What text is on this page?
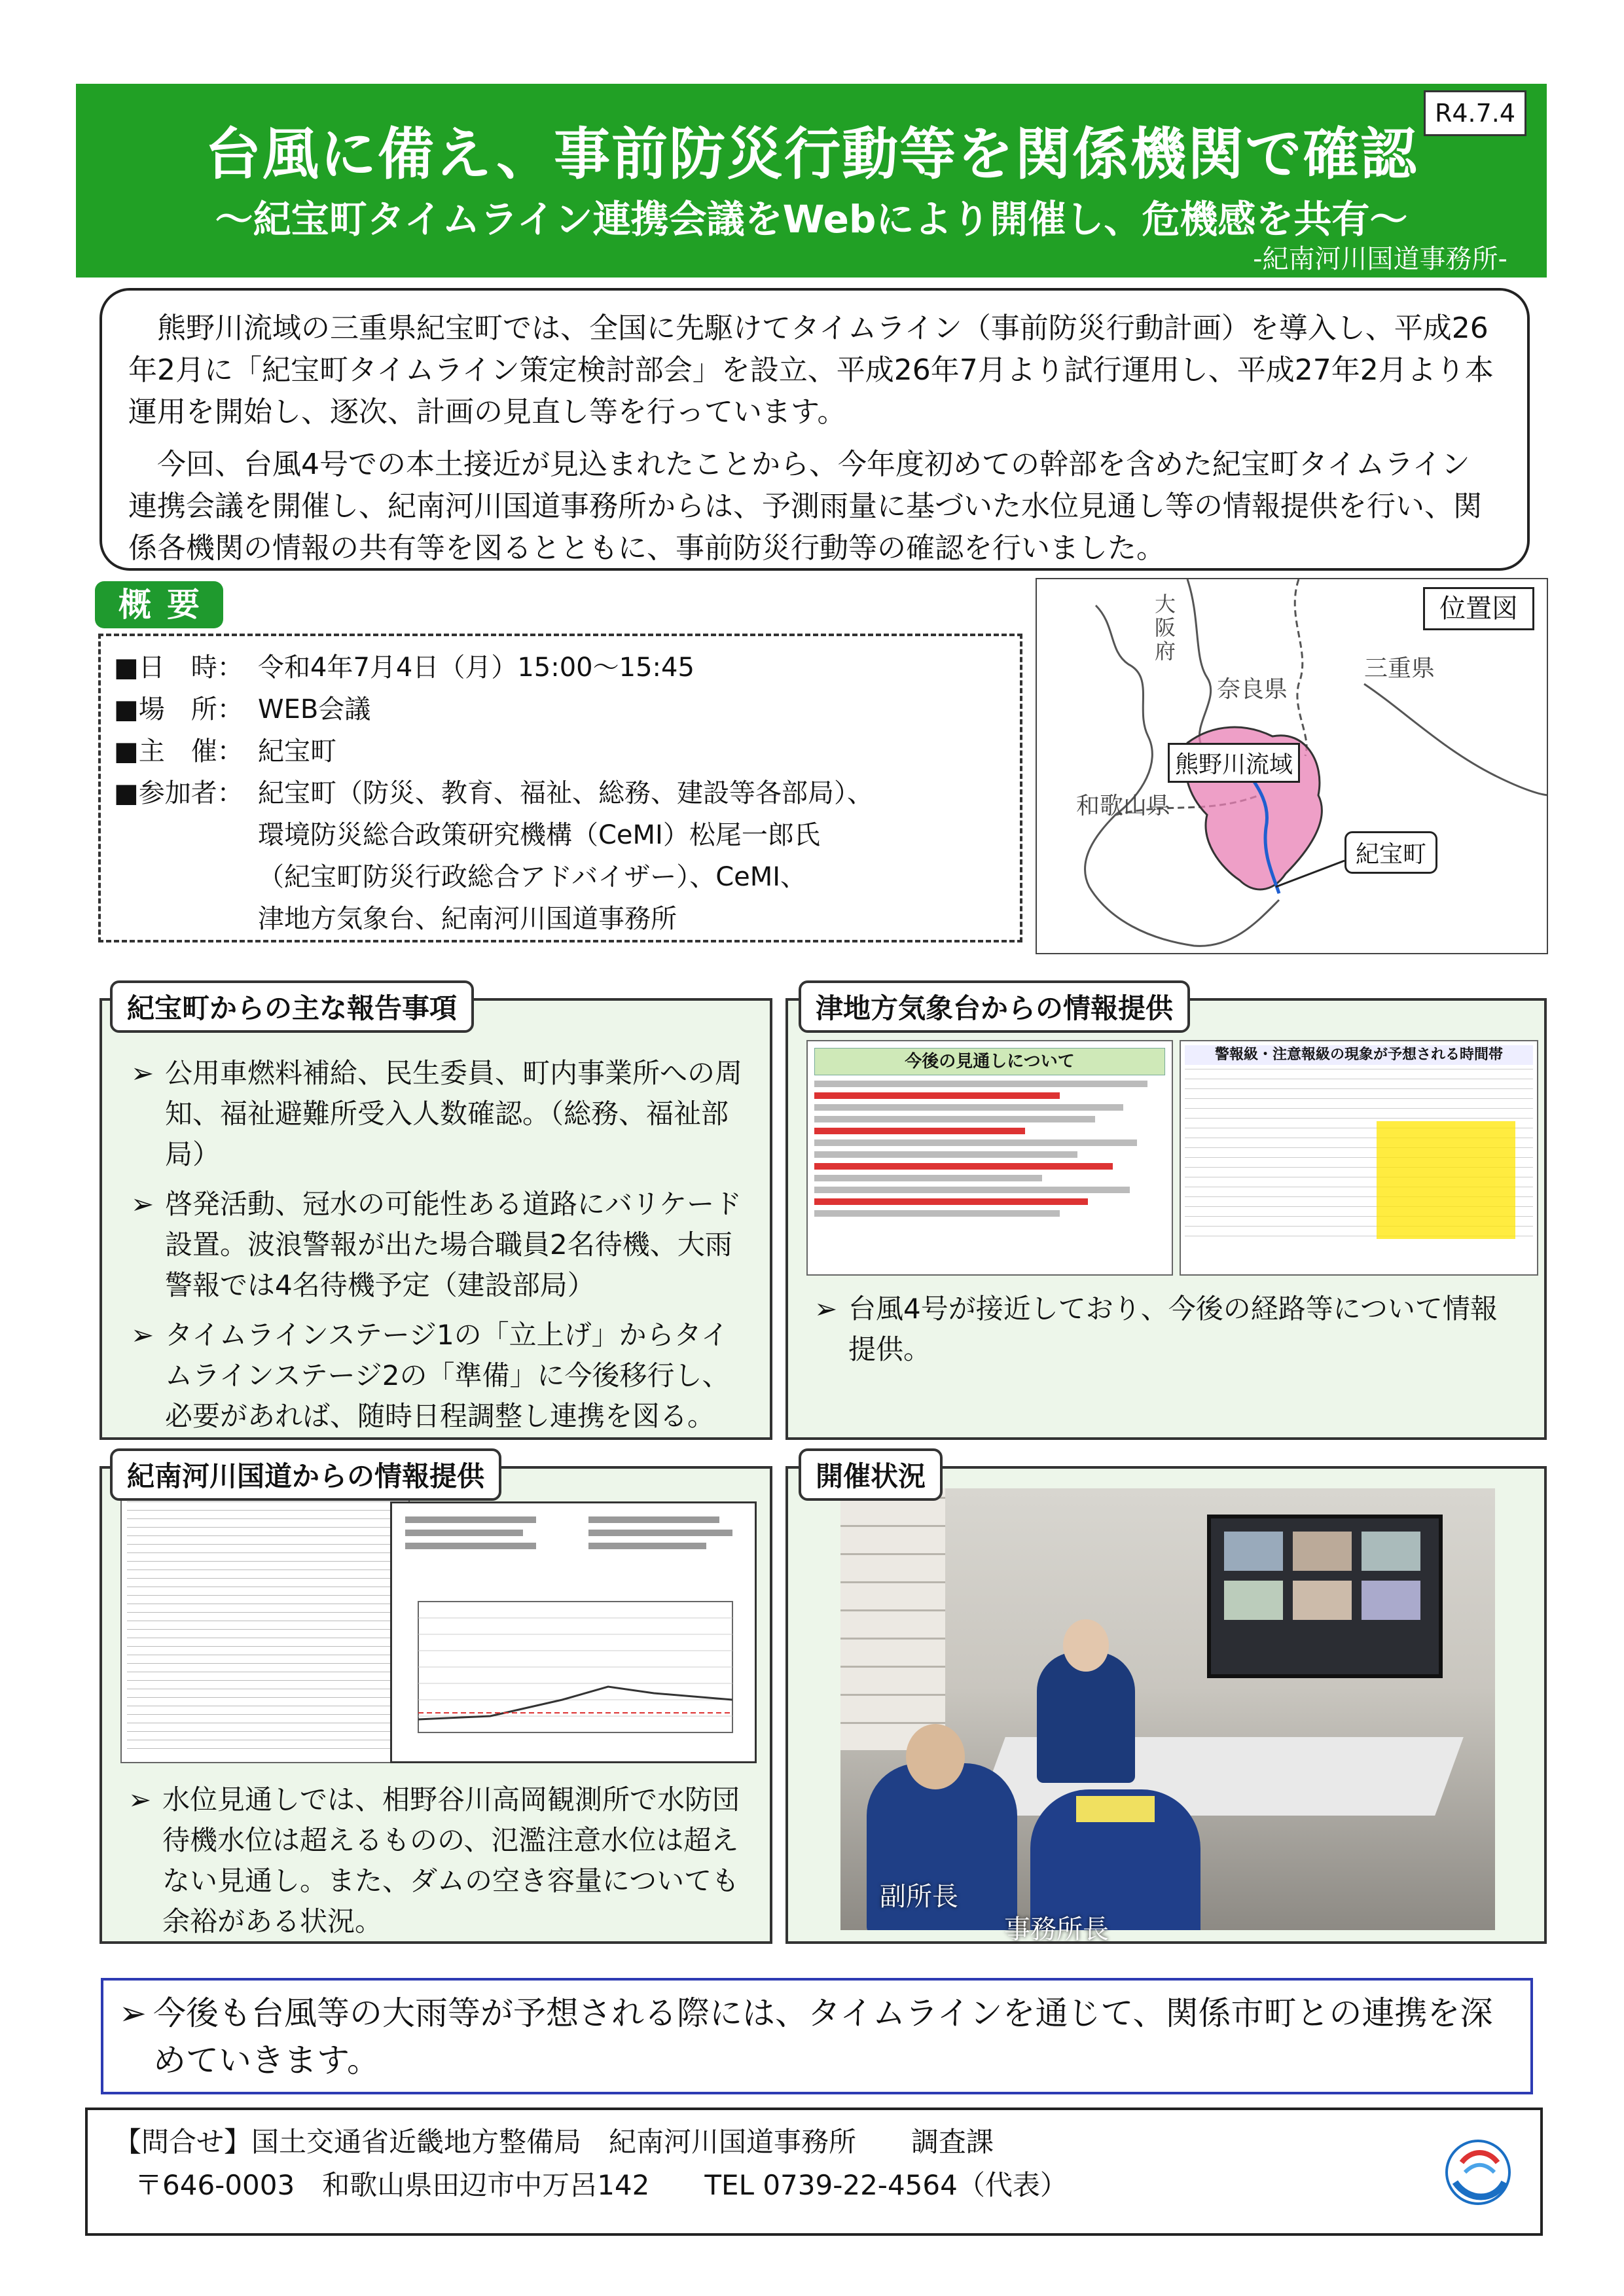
台風に備え、事前防災行動等を関係機関で確認
～紀宝町タイムライン連携会議をWebにより開催し、危機感を共有～
-紀南河川国道事務所-
R4.7.4

熊野川流域の三重県紀宝町では、全国に先駆けてタイムライン（事前防災行動計画）を導入し、平成26年2月に「紀宝町タイムライン策定検討部会」を設立、平成26年7月より試行運用し、平成27年2月より本運用を開始し、逐次、計画の見直し等を行っています。

今回、台風4号での本土接近が見込まれたことから、今年度初めての幹部を含めた紀宝町タイムライン連携会議を開催し、紀南河川国道事務所からは、予測雨量に基づいた水位見通し等の情報提供を行い、関係各機関の情報の共有等を図るとともに、事前防災行動等の確認を行いました。

概要
■日　時： 令和4年7月4日（月）15:00～15:45
■場　所： WEB会議
■主　催： 紀宝町
■参加者： 紀宝町（防災、教育、福祉、総務、建設等各部局）、
環境防災総合政策研究機構（CeMI）松尾一郎氏
（紀宝町防災行政総合アドバイザー）、CeMI、
津地方気象台、紀南河川国道事務所
位置図
大阪府
奈良県
三重県
和歌山県
熊野川流域
紀宝町
➢ 公用車燃料補給、民生委員、町内事業所への周知、福祉避難所受入人数確認。（総務、福祉部局）
➢ 啓発活動、冠水の可能性ある道路にバリケード設置。波浪警報が出た場合職員2名待機、大雨警報では4名待機予定（建設部局）
➢ タイムラインステージ1の「立上げ」からタイムラインステージ2の「準備」に今後移行し、必要があれば、随時日程調整し連携を図る。
紀宝町からの主な報告事項
今後の見通しについて	警報級・注意報級の現象が予想される時間帯
➢ 台風4号が接近しており、今後の経路等について情報提供。
津地方気象台からの情報提供
➢ 水位見通しでは、相野谷川高岡観測所で水防団待機水位は超えるものの、氾濫注意水位は超えない見通し。また、ダムの空き容量についても余裕がある状況。
紀南河川国道からの情報提供
副所長
事務所長
開催状況
➢ 今後も台風等の大雨等が予想される際には、タイムラインを通じて、関係市町との連携を深めていきます。
【問合せ】国土交通省近畿地方整備局　紀南河川国道事務所　　調査課
〒646-0003　和歌山県田辺市中万呂142　　TEL 0739-22-4564（代表）
